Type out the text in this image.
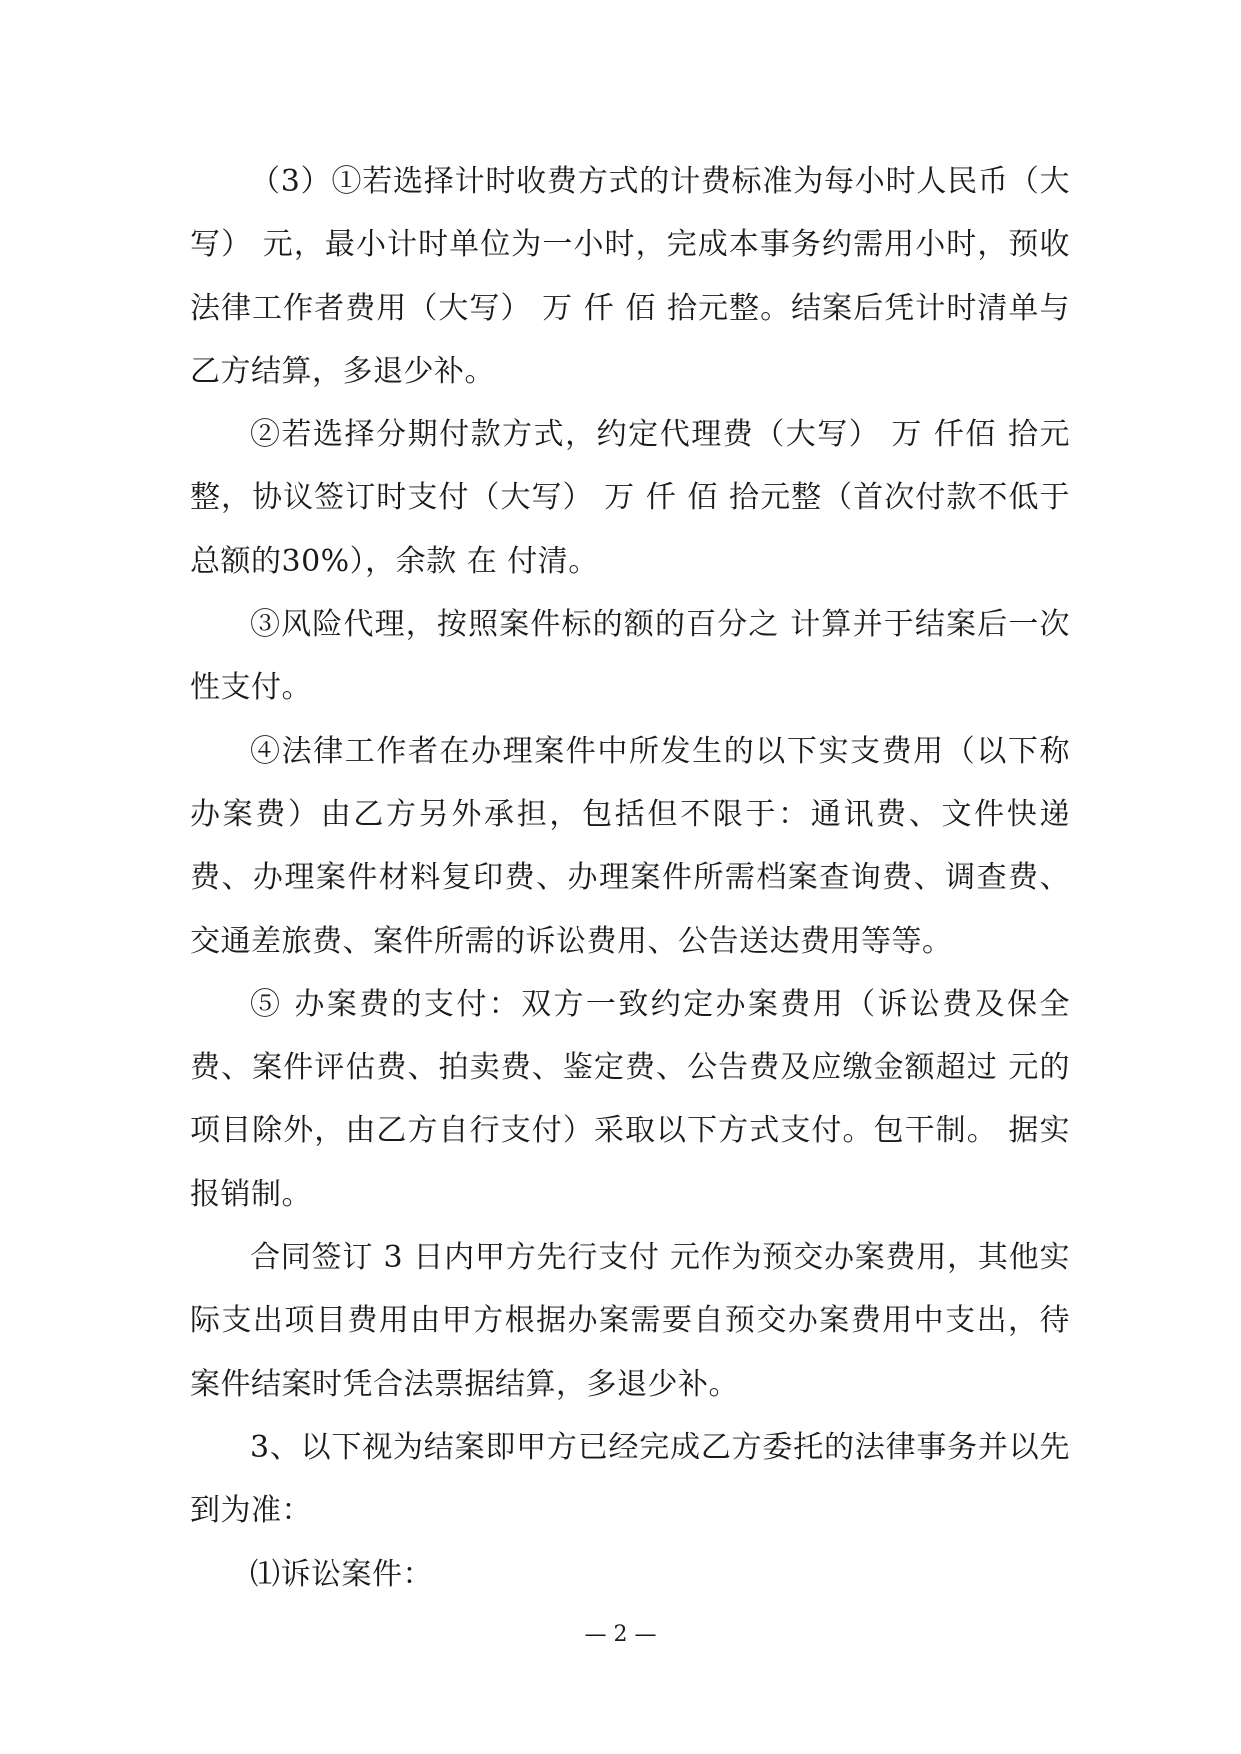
（3）①若选择计时收费方式的计费标准为每小时人民币（大写） 元，最小计时单位为一小时，完成本事务约需用小时，预收法律工作者费用（大写） 万 仟 佰 拾元整。结案后凭计时清单与乙方结算，多退少补。

②若选择分期付款方式，约定代理费（大写） 万 仟佰 拾元整，协议签订时支付（大写） 万 仟 佰 拾元整（首次付款不低于总额的30%），余款 在 付清。

③风险代理，按照案件标的额的百分之 计算并于结案后一次性支付。

④法律工作者在办理案件中所发生的以下实支费用（以下称办案费）由乙方另外承担，包括但不限于：通讯费、文件快递费、办理案件材料复印费、办理案件所需档案查询费、调查费、交通差旅费、案件所需的诉讼费用、公告送达费用等等。

⑤ 办案费的支付：双方一致约定办案费用（诉讼费及保全费、案件评估费、拍卖费、鉴定费、公告费及应缴金额超过 元的项目除外，由乙方自行支付）采取以下方式支付。包干制。 据实报销制。

合同签订 3 日内甲方先行支付 元作为预交办案费用，其他实际支出项目费用由甲方根据办案需要自预交办案费用中支出，待案件结案时凭合法票据结算，多退少补。

3、以下视为结案即甲方已经完成乙方委托的法律事务并以先到为准：

⑴诉讼案件：

— 2 —
